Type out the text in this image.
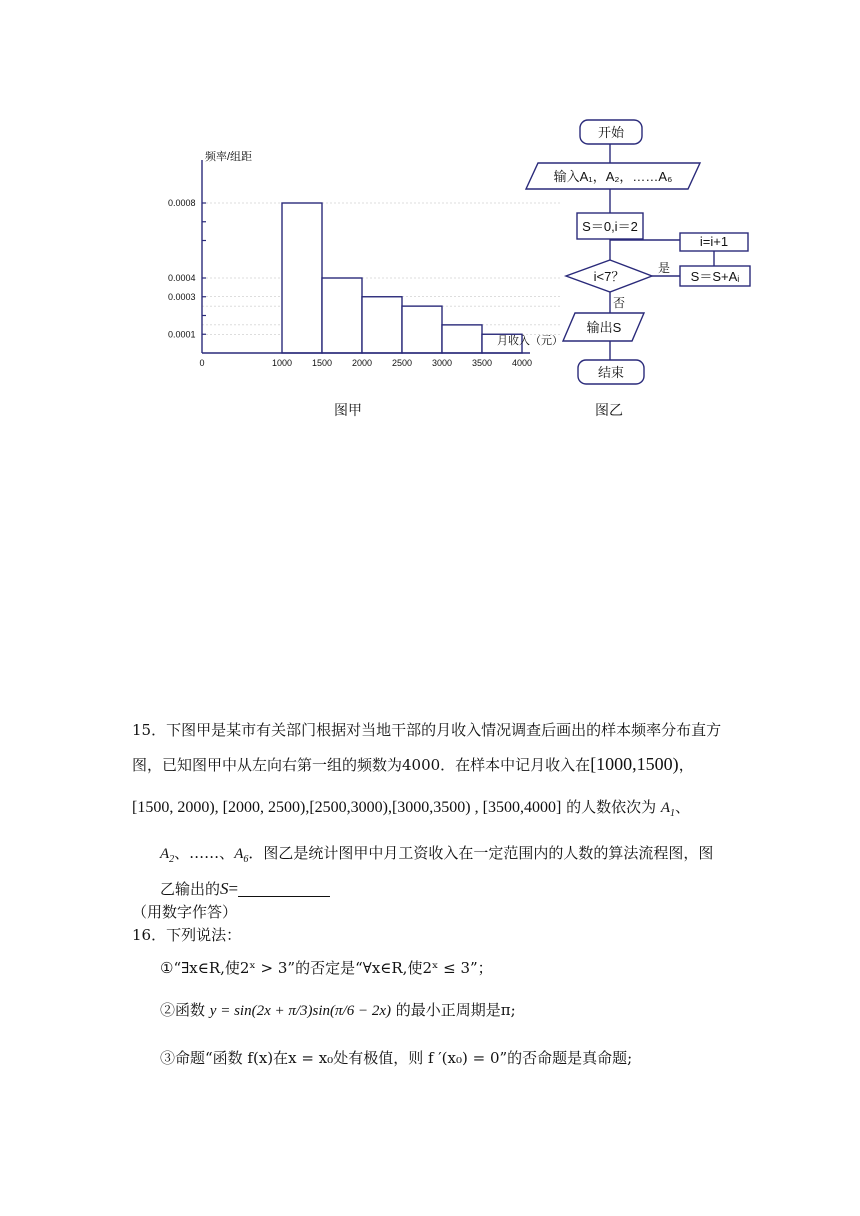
0.0008
0.0004
0.0003
0.0001
0	1000 1500 2000 2500 3000 3500 4000
频率/组距
月收入（元）
图甲
开始
输入A₁，A₂，……A₆
S＝0,i＝2
i=i+1
i<7？
是
S＝S+Aᵢ
否
输出S
结束
图乙
15．下图甲是某市有关部门根据对当地干部的月收入情况调查后画出的样本频率分布直方
图，已知图甲中从左向右第一组的频数为4000．在样本中记月收入在[1000,1500)，
[1500, 2000), [2000, 2500),[2500,3000),[3000,3500) , [3500,4000] 的人数依次为 $A_1$、
$A_2$、……、$A_6$．图乙是统计图甲中月工资收入在一定范围内的人数的算法流程图，图
乙输出的S=
（用数字作答）
16．下列说法：
①“∃x∈R,使2ˣ > 3”的否定是“∀x∈R,使2ˣ ≤ 3”；
②函数 y = sin(2x + π/3)sin(π/6 − 2x) 的最小正周期是π;
③命题“函数 f(x)在x = x₀处有极值，则 f ′(x₀) = 0”的否命题是真命题;
